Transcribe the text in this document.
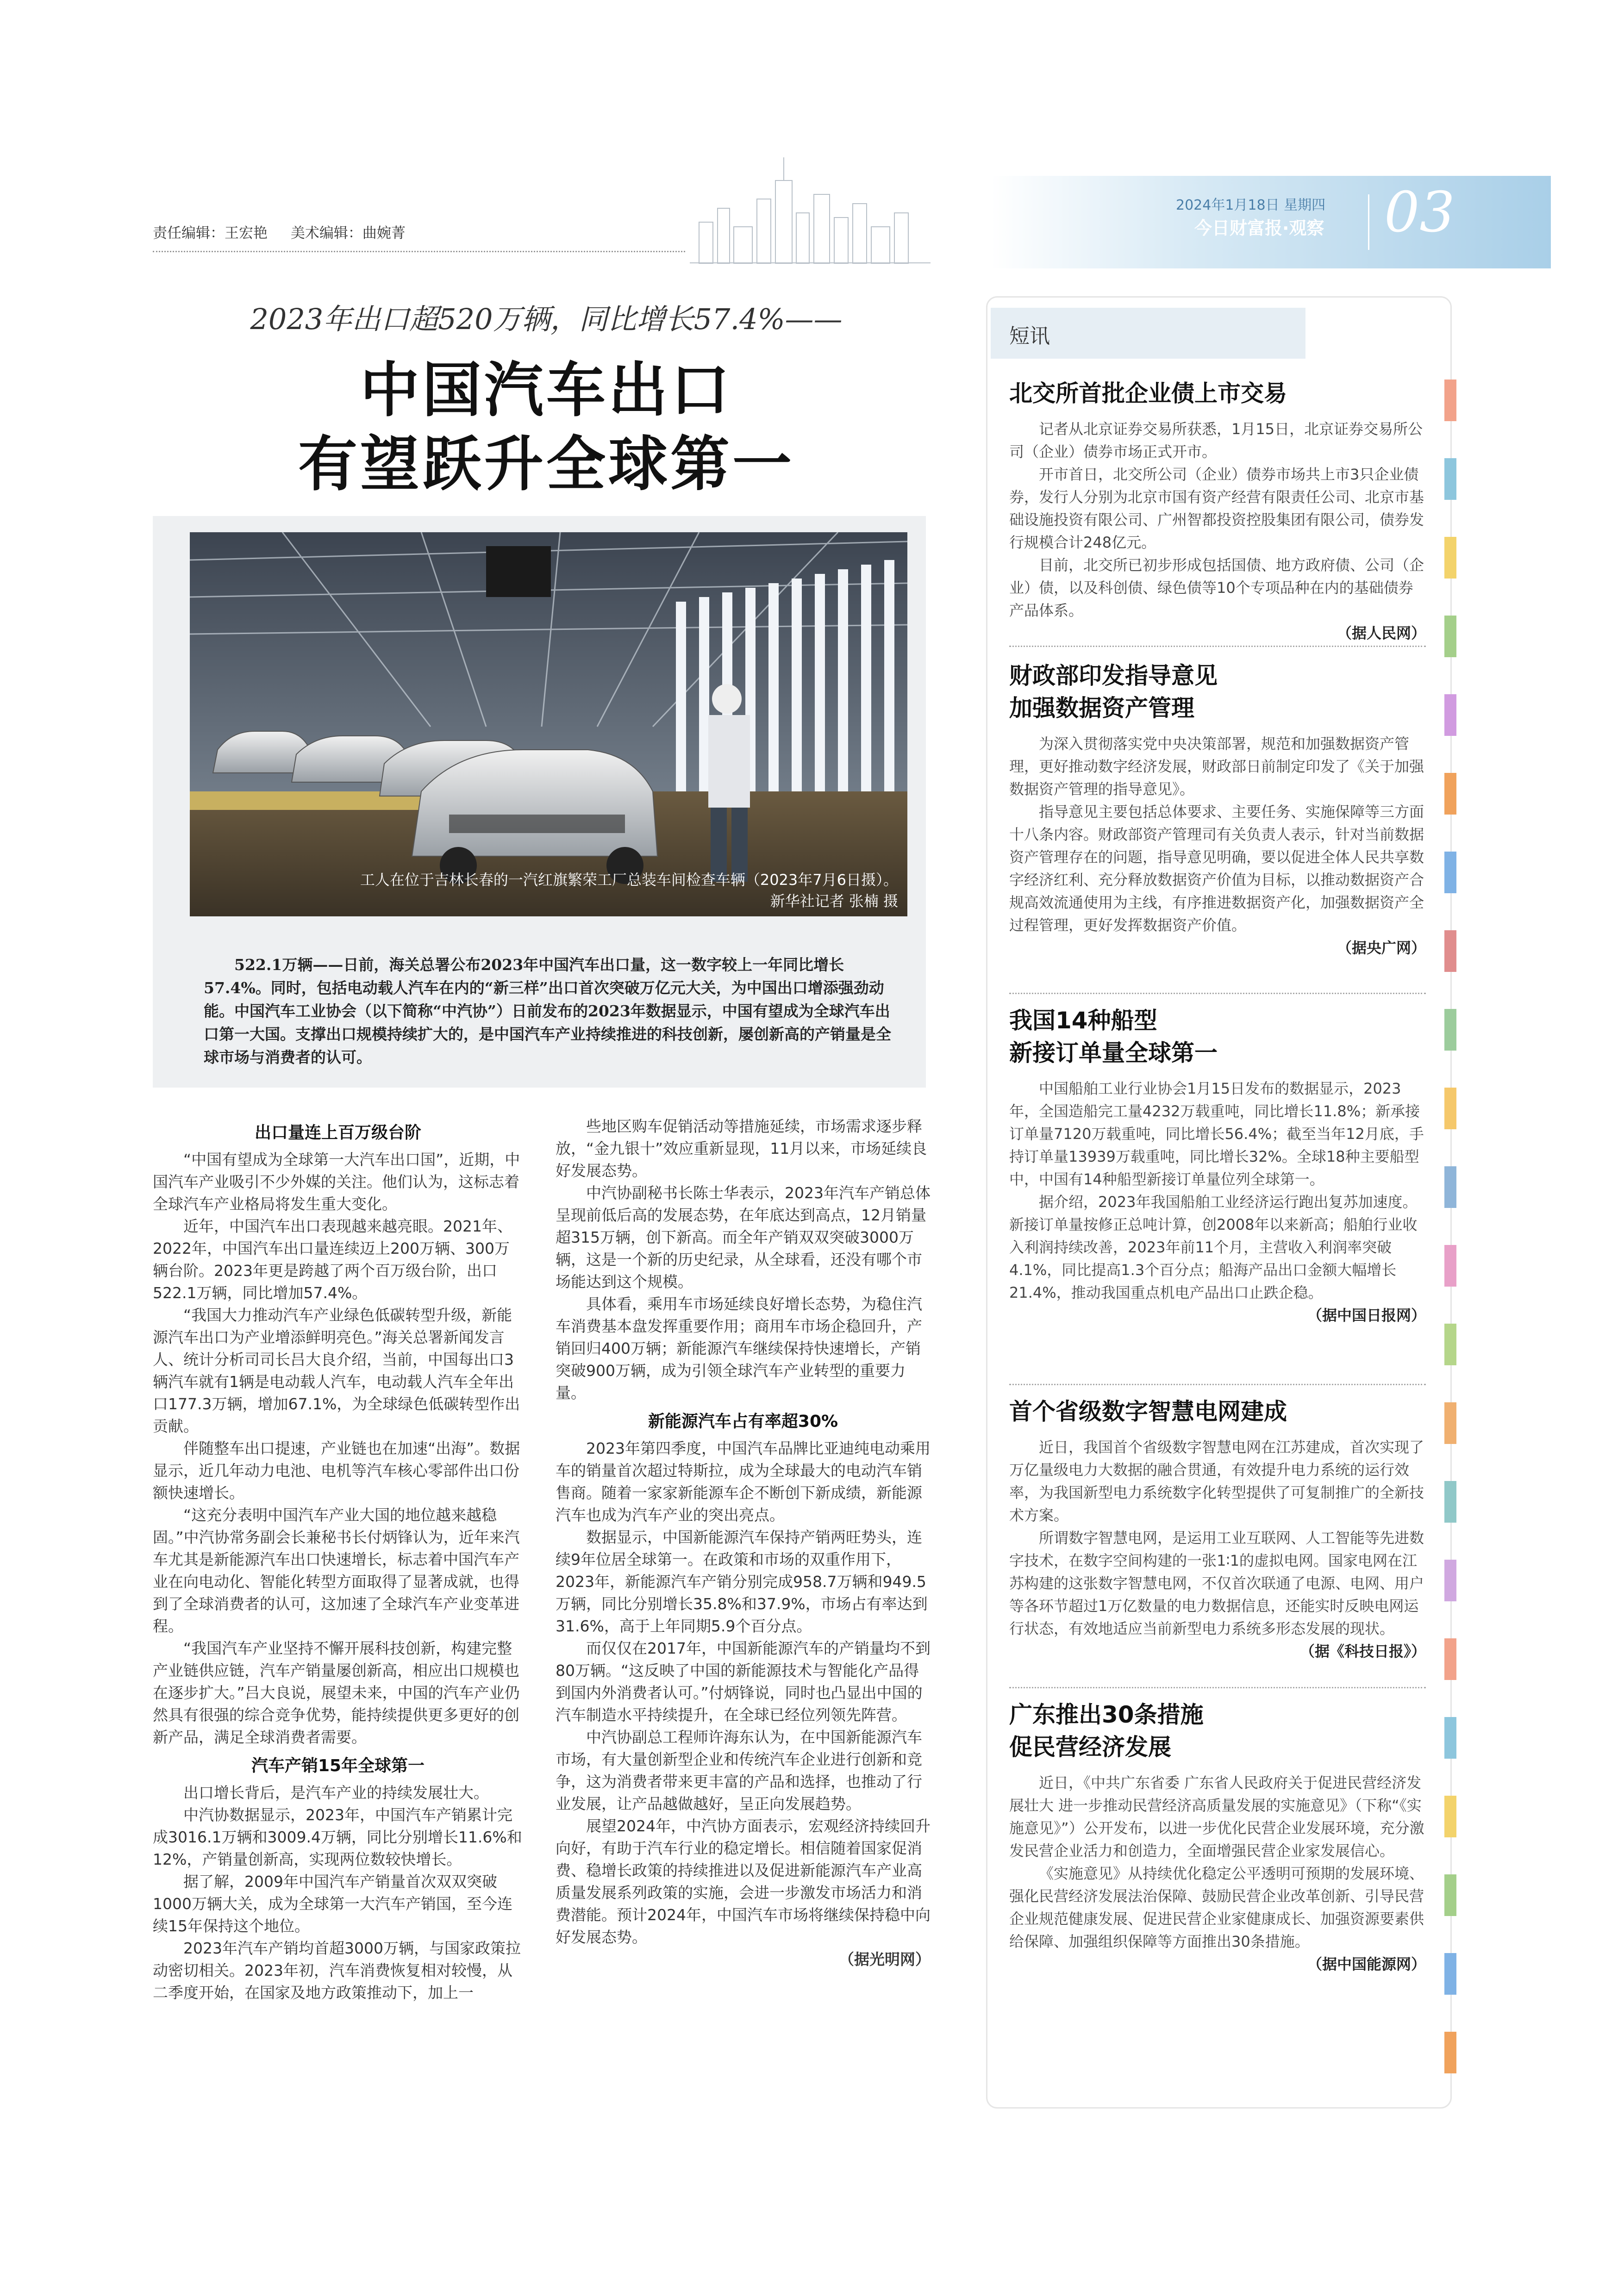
责任编辑：王宏艳 美术编辑：曲婉菁
2024年1月18日 星期四
今日财富报·观察 03
2023年出口超520万辆，同比增长57.4%——
中国汽车出口
有望跃升全球第一
工人在位于吉林长春的一汽红旗繁荣工厂总装车间检查车辆（2023年7月6日摄）。
新华社记者 张楠 摄
522.1万辆——日前，海关总署公布2023年中国汽车出口量，这一数字较上一年同比增长57.4%。同时，包括电动载人汽车在内的“新三样”出口首次突破万亿元大关，为中国出口增添强劲动能。中国汽车工业协会（以下简称“中汽协”）日前发布的2023年数据显示，中国有望成为全球汽车出口第一大国。支撑出口规模持续扩大的，是中国汽车产业持续推进的科技创新，屡创新高的产销量是全球市场与消费者的认可。
出口量连上百万级台阶

“中国有望成为全球第一大汽车出口国”，近期，中国汽车产业吸引不少外媒的关注。他们认为，这标志着全球汽车产业格局将发生重大变化。

近年，中国汽车出口表现越来越亮眼。2021年、2022年，中国汽车出口量连续迈上200万辆、300万辆台阶。2023年更是跨越了两个百万级台阶，出口522.1万辆，同比增加57.4%。

“我国大力推动汽车产业绿色低碳转型升级，新能源汽车出口为产业增添鲜明亮色。”海关总署新闻发言人、统计分析司司长吕大良介绍，当前，中国每出口3辆汽车就有1辆是电动载人汽车，电动载人汽车全年出口177.3万辆，增加67.1%，为全球绿色低碳转型作出贡献。

伴随整车出口提速，产业链也在加速“出海”。数据显示，近几年动力电池、电机等汽车核心零部件出口份额快速增长。

“这充分表明中国汽车产业大国的地位越来越稳固。”中汽协常务副会长兼秘书长付炳锋认为，近年来汽车尤其是新能源汽车出口快速增长，标志着中国汽车产业在向电动化、智能化转型方面取得了显著成就，也得到了全球消费者的认可，这加速了全球汽车产业变革进程。

“我国汽车产业坚持不懈开展科技创新，构建完整产业链供应链，汽车产销量屡创新高，相应出口规模也在逐步扩大。”吕大良说，展望未来，中国的汽车产业仍然具有很强的综合竞争优势，能持续提供更多更好的创新产品，满足全球消费者需要。

汽车产销15年全球第一

出口增长背后，是汽车产业的持续发展壮大。

中汽协数据显示，2023年，中国汽车产销累计完成3016.1万辆和3009.4万辆，同比分别增长11.6%和12%，产销量创新高，实现两位数较快增长。

据了解，2009年中国汽车产销量首次双双突破1000万辆大关，成为全球第一大汽车产销国，至今连续15年保持这个地位。

2023年汽车产销均首超3000万辆，与国家政策拉动密切相关。2023年初，汽车消费恢复相对较慢，从二季度开始，在国家及地方政策推动下，加上一

些地区购车促销活动等措施延续，市场需求逐步释放，“金九银十”效应重新显现，11月以来，市场延续良好发展态势。

中汽协副秘书长陈士华表示，2023年汽车产销总体呈现前低后高的发展态势，在年底达到高点，12月销量超315万辆，创下新高。而全年产销双双突破3000万辆，这是一个新的历史纪录，从全球看，还没有哪个市场能达到这个规模。

具体看，乘用车市场延续良好增长态势，为稳住汽车消费基本盘发挥重要作用；商用车市场企稳回升，产销回归400万辆；新能源汽车继续保持快速增长，产销突破900万辆，成为引领全球汽车产业转型的重要力量。

新能源汽车占有率超30%

2023年第四季度，中国汽车品牌比亚迪纯电动乘用车的销量首次超过特斯拉，成为全球最大的电动汽车销售商。随着一家家新能源车企不断创下新成绩，新能源汽车也成为汽车产业的突出亮点。

数据显示，中国新能源汽车保持产销两旺势头，连续9年位居全球第一。在政策和市场的双重作用下，2023年，新能源汽车产销分别完成958.7万辆和949.5万辆，同比分别增长35.8%和37.9%，市场占有率达到31.6%，高于上年同期5.9个百分点。

而仅仅在2017年，中国新能源汽车的产销量均不到80万辆。“这反映了中国的新能源技术与智能化产品得到国内外消费者认可。”付炳锋说，同时也凸显出中国的汽车制造水平持续提升，在全球已经位列领先阵营。

中汽协副总工程师许海东认为，在中国新能源汽车市场，有大量创新型企业和传统汽车企业进行创新和竞争，这为消费者带来更丰富的产品和选择，也推动了行业发展，让产品越做越好，呈正向发展趋势。

展望2024年，中汽协方面表示，宏观经济持续回升向好，有助于汽车行业的稳定增长。相信随着国家促消费、稳增长政策的持续推进以及促进新能源汽车产业高质量发展系列政策的实施，会进一步激发市场活力和消费潜能。预计2024年，中国汽车市场将继续保持稳中向好发展态势。

（据光明网）

短讯
北交所首批企业债上市交易

记者从北京证券交易所获悉，1月15日，北京证券交易所公司（企业）债券市场正式开市。

开市首日，北交所公司（企业）债券市场共上市3只企业债券，发行人分别为北京市国有资产经营有限责任公司、北京市基础设施投资有限公司、广州智都投资控股集团有限公司，债券发行规模合计248亿元。

目前，北交所已初步形成包括国债、地方政府债、公司（企业）债，以及科创债、绿色债等10个专项品种在内的基础债券产品体系。

（据人民网）

财政部印发指导意见
加强数据资产管理

为深入贯彻落实党中央决策部署，规范和加强数据资产管理，更好推动数字经济发展，财政部日前制定印发了《关于加强数据资产管理的指导意见》。

指导意见主要包括总体要求、主要任务、实施保障等三方面十八条内容。财政部资产管理司有关负责人表示，针对当前数据资产管理存在的问题，指导意见明确，要以促进全体人民共享数字经济红利、充分释放数据资产价值为目标，以推动数据资产合规高效流通使用为主线，有序推进数据资产化，加强数据资产全过程管理，更好发挥数据资产价值。

（据央广网）

我国14种船型
新接订单量全球第一

中国船舶工业行业协会1月15日发布的数据显示，2023年，全国造船完工量4232万载重吨，同比增长11.8%；新承接订单量7120万载重吨，同比增长56.4%；截至当年12月底，手持订单量13939万载重吨，同比增长32%。全球18种主要船型中，中国有14种船型新接订单量位列全球第一。

据介绍，2023年我国船舶工业经济运行跑出复苏加速度。新接订单量按修正总吨计算，创2008年以来新高；船舶行业收入利润持续改善，2023年前11个月，主营收入利润率突破4.1%，同比提高1.3个百分点；船海产品出口金额大幅增长21.4%，推动我国重点机电产品出口止跌企稳。

（据中国日报网）

首个省级数字智慧电网建成

近日，我国首个省级数字智慧电网在江苏建成，首次实现了万亿量级电力大数据的融合贯通，有效提升电力系统的运行效率，为我国新型电力系统数字化转型提供了可复制推广的全新技术方案。

所谓数字智慧电网，是运用工业互联网、人工智能等先进数字技术，在数字空间构建的一张1∶1的虚拟电网。国家电网在江苏构建的这张数字智慧电网，不仅首次联通了电源、电网、用户等各环节超过1万亿数量的电力数据信息，还能实时反映电网运行状态，有效地适应当前新型电力系统多形态发展的现状。

（据《科技日报》）

广东推出30条措施
促民营经济发展

近日，《中共广东省委 广东省人民政府关于促进民营经济发展壮大 进一步推动民营经济高质量发展的实施意见》（下称“《实施意见》”）公开发布，以进一步优化民营企业发展环境，充分激发民营企业活力和创造力，全面增强民营企业家发展信心。

《实施意见》从持续优化稳定公平透明可预期的发展环境、强化民营经济发展法治保障、鼓励民营企业改革创新、引导民营企业规范健康发展、促进民营企业家健康成长、加强资源要素供给保障、加强组织保障等方面推出30条措施。

（据中国能源网）
